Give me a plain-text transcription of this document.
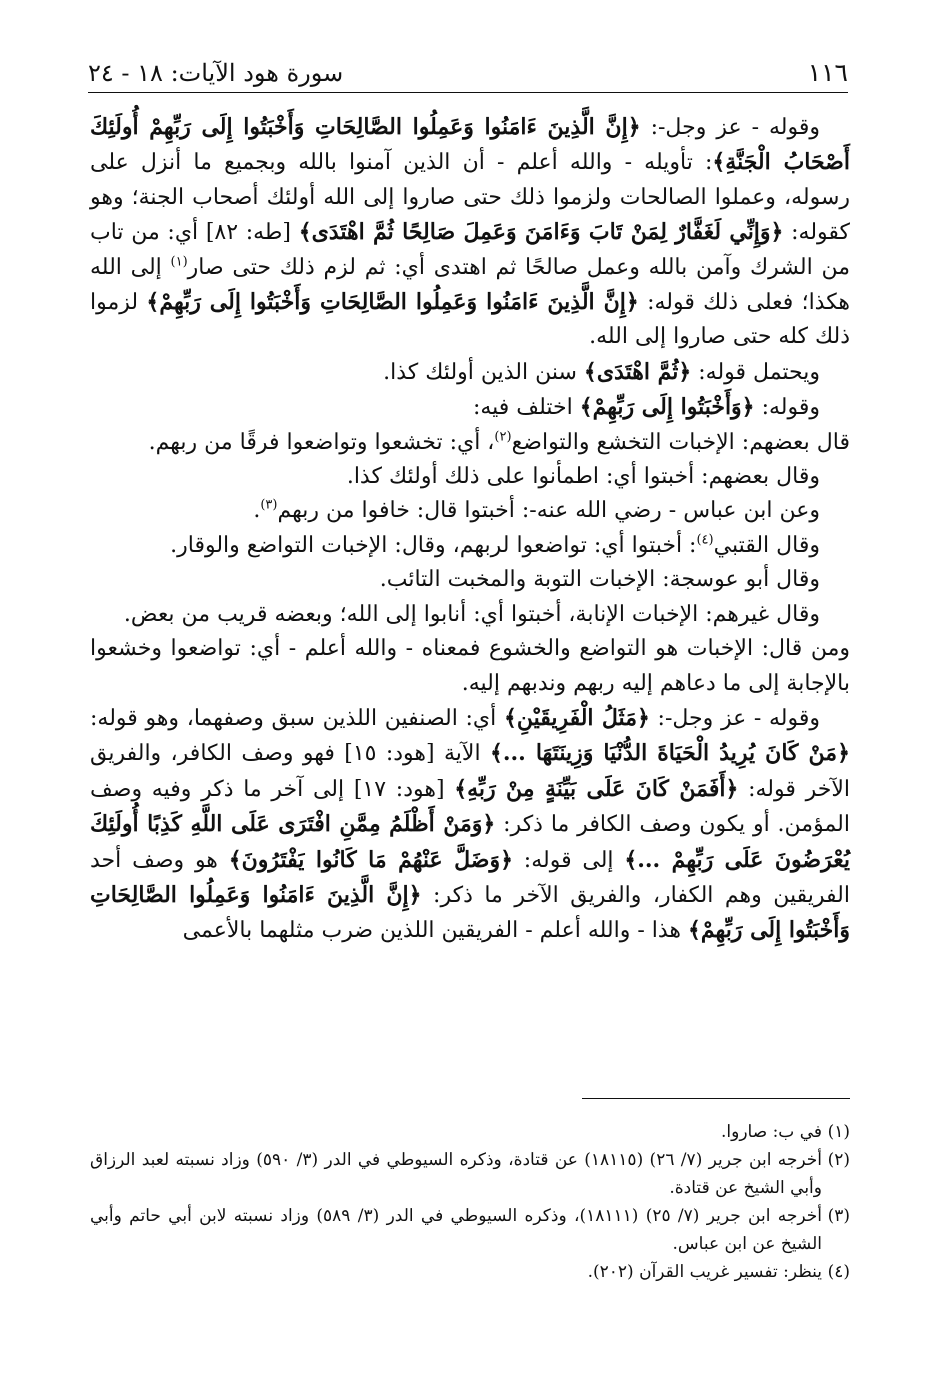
١١٦
سورة هود الآيات: ١٨ - ٢٤

وقوله - عز وجل-: ﴿إِنَّ الَّذِينَ ءَامَنُوا وَعَمِلُوا الصَّالِحَاتِ وَأَخْبَتُوا إِلَى رَبِّهِمْ أُولَئِكَ أَصْحَابُ الْجَنَّةِ﴾: تأويله - والله أعلم - أن الذين آمنوا بالله وبجميع ما أنزل على رسوله، وعملوا الصالحات ولزموا ذلك حتى صاروا إلى الله أولئك أصحاب الجنة؛ وهو كقوله: ﴿وَإِنِّي لَغَفَّارٌ لِمَنْ تَابَ وَءَامَنَ وَعَمِلَ صَالِحًا ثُمَّ اهْتَدَى﴾ [طه: ٨٢] أي: من تاب من الشرك وآمن بالله وعمل صالحًا ثم اهتدى أي: ثم لزم ذلك حتى صار$^{(١)}$ إلى الله هكذا؛ فعلى ذلك قوله: ﴿إِنَّ الَّذِينَ ءَامَنُوا وَعَمِلُوا الصَّالِحَاتِ وَأَخْبَتُوا إِلَى رَبِّهِمْ﴾ لزموا ذلك كله حتى صاروا إلى الله.

ويحتمل قوله: ﴿ثُمَّ اهْتَدَى﴾ سنن الذين أولئك كذا.

وقوله: ﴿وَأَخْبَتُوا إِلَى رَبِّهِمْ﴾ اختلف فيه:

قال بعضهم: الإخبات التخشع والتواضع$^{(٢)}$، أي: تخشعوا وتواضعوا فرقًا من ربهم.

وقال بعضهم: أخبتوا أي: اطمأنوا على ذلك أولئك كذا.

وعن ابن عباس - رضي الله عنه-: أخبتوا قال: خافوا من ربهم$^{(٣)}$.

وقال القتبي$^{(٤)}$: أخبتوا أي: تواضعوا لربهم، وقال: الإخبات التواضع والوقار.

وقال أبو عوسجة: الإخبات التوبة والمخبت التائب.

وقال غيرهم: الإخبات الإنابة، أخبتوا أي: أنابوا إلى الله؛ وبعضه قريب من بعض.

ومن قال: الإخبات هو التواضع والخشوع فمعناه - والله أعلم - أي: تواضعوا وخشعوا بالإجابة إلى ما دعاهم إليه ربهم وندبهم إليه.

وقوله - عز وجل-: ﴿مَثَلُ الْفَرِيقَيْنِ﴾ أي: الصنفين اللذين سبق وصفهما، وهو قوله: ﴿مَنْ كَانَ يُرِيدُ الْحَيَاةَ الدُّنْيَا وَزِينَتَهَا ...﴾ الآية [هود: ١٥] فهو وصف الكافر، والفريق الآخر قوله: ﴿أَفَمَنْ كَانَ عَلَى بَيِّنَةٍ مِنْ رَبِّهِ﴾ [هود: ١٧] إلى آخر ما ذكر وفيه وصف المؤمن. أو يكون وصف الكافر ما ذكر: ﴿وَمَنْ أَظْلَمُ مِمَّنِ افْتَرَى عَلَى اللَّهِ كَذِبًا أُولَئِكَ يُعْرَضُونَ عَلَى رَبِّهِمْ ...﴾ إلى قوله: ﴿وَضَلَّ عَنْهُمْ مَا كَانُوا يَفْتَرُونَ﴾ هو وصف أحد الفريقين وهم الكفار، والفريق الآخر ما ذكر: ﴿إِنَّ الَّذِينَ ءَامَنُوا وَعَمِلُوا الصَّالِحَاتِ وَأَخْبَتُوا إِلَى رَبِّهِمْ﴾ هذا - والله أعلم - الفريقين اللذين ضرب مثلهما بالأعمى

(١)
في ب: صاروا.
(٢)
أخرجه ابن جرير (٧/ ٢٦) (١٨١١٥) عن قتادة، وذكره السيوطي في الدر (٣/ ٥٩٠) وزاد نسبته لعبد الرزاق وأبي الشيخ عن قتادة.
(٣)
أخرجه ابن جرير (٧/ ٢٥) (١٨١١١)، وذكره السيوطي في الدر (٣/ ٥٨٩) وزاد نسبته لابن أبي حاتم وأبي الشيخ عن ابن عباس.
(٤)
ينظر: تفسير غريب القرآن (٢٠٢).
